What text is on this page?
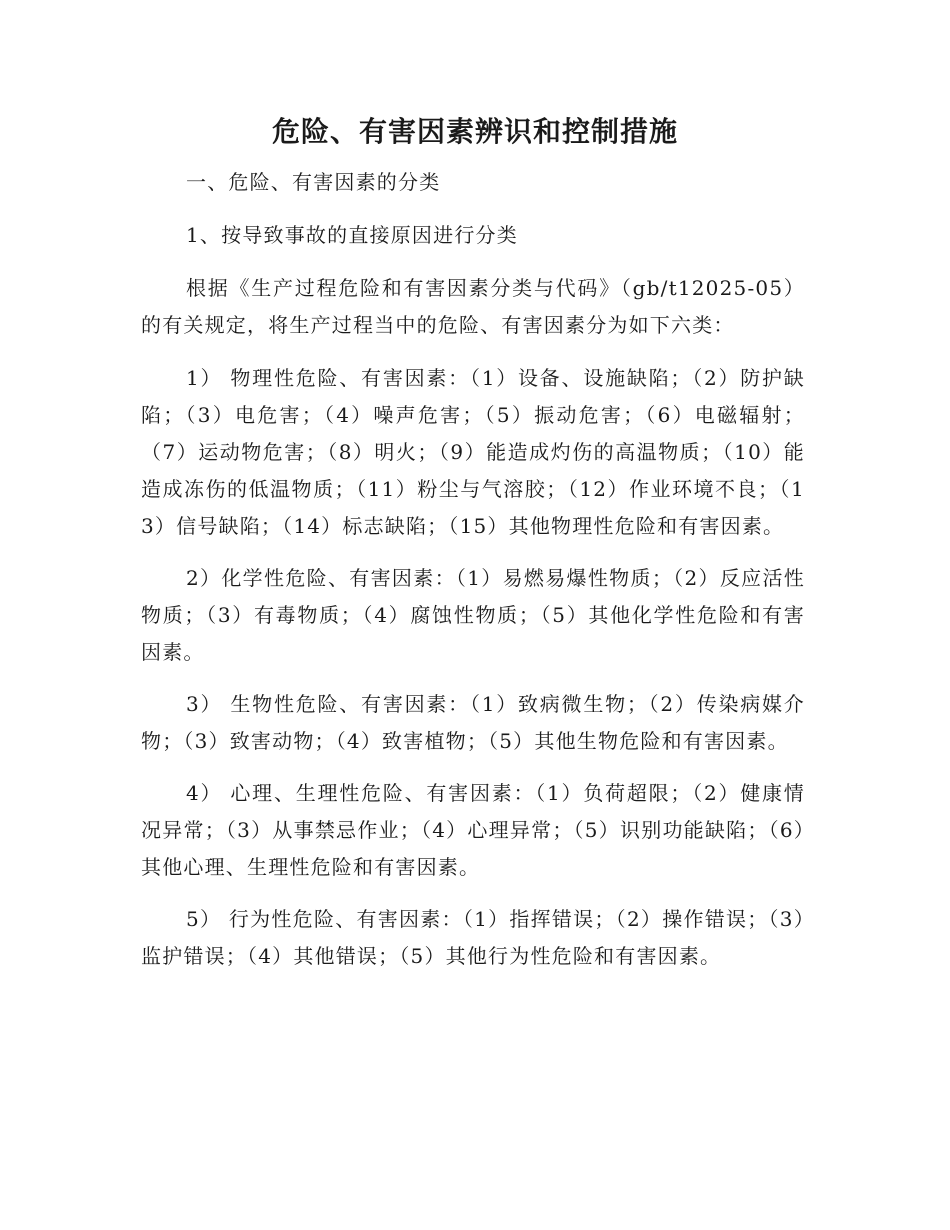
危险、有害因素辨识和控制措施

一、危险、有害因素的分类

1、按导致事故的直接原因进行分类

根据《生产过程危险和有害因素分类与代码》（gb/t12025-05）的有关规定，将生产过程当中的危险、有害因素分为如下六类：

1） 物理性危险、有害因素：（1）设备、设施缺陷；（2）防护缺陷；（3）电危害；（4）噪声危害；（5）振动危害；（6）电磁辐射；（7）运动物危害；（8）明火；（9）能造成灼伤的高温物质；（10）能造成冻伤的低温物质；（11）粉尘与气溶胶；（12）作业环境不良；（13）信号缺陷；（14）标志缺陷；（15）其他物理性危险和有害因素。

2）化学性危险、有害因素：（1）易燃易爆性物质；（2）反应活性物质；（3）有毒物质；（4）腐蚀性物质；（5）其他化学性危险和有害因素。

3） 生物性危险、有害因素：（1）致病微生物；（2）传染病媒介物；（3）致害动物；（4）致害植物；（5）其他生物危险和有害因素。

4） 心理、生理性危险、有害因素：（1）负荷超限；（2）健康情况异常；（3）从事禁忌作业；（4）心理异常；（5）识别功能缺陷；（6）其他心理、生理性危险和有害因素。

5） 行为性危险、有害因素：（1）指挥错误；（2）操作错误；（3）监护错误；（4）其他错误；（5）其他行为性危险和有害因素。
